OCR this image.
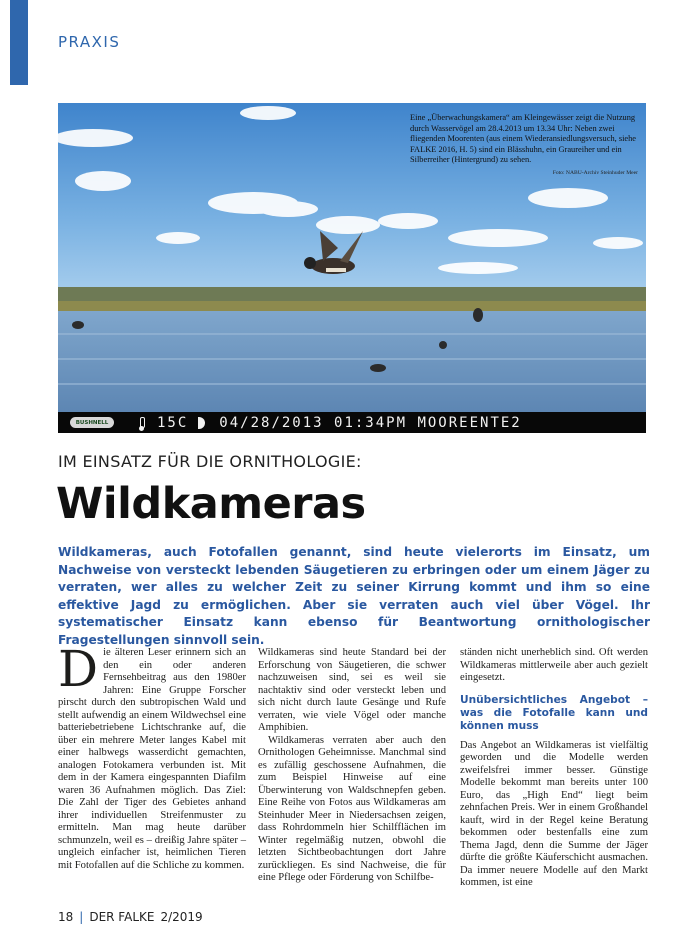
PRAXIS
Eine „Überwachungskamera“ am Kleingewässer zeigt die Nutzung durch Wasservögel am 28.4.2013 um 13.34 Uhr: Neben zwei fliegenden Moorenten (aus einem Wiederansiedlungsversuch, siehe FALKE 2016, H. 5) sind ein Blässhuhn, ein Graureiher und ein Silberreiher (Hintergrund) zu sehen.
Foto: NABU-Archiv Steinhuder Meer
BUSHNELL	15C 04/28/2013 01:34PM MOOREENTE2
IM EINSATZ FÜR DIE ORNITHOLOGIE:
Wildkameras
Wildkameras, auch Fotofallen genannt, sind heute vielerorts im Einsatz, um Nachweise von versteckt lebenden Säugetieren zu erbringen oder um einem Jäger zu verraten, wer alles zu welcher Zeit zu seiner Kirrung kommt und ihm so eine effektive Jagd zu ermöglichen. Aber sie verraten auch viel über Vögel. Ihr systematischer Einsatz kann ebenso für Beantwortung ornithologischer Fragestellungen sinnvoll sein.

Die älteren Leser erinnern sich an den ein oder anderen Fernsehbeitrag aus den 1980er Jahren: Eine Gruppe Forscher pirscht durch den subtropischen Wald und stellt aufwendig an einem Wildwechsel eine batteriebetriebene Lichtschranke auf, die über ein mehrere Meter langes Kabel mit einer halbwegs wasserdicht gemachten, analogen Fotokamera verbunden ist. Mit dem in der Kamera eingespannten Diafilm waren 36 Aufnahmen möglich. Das Ziel: Die Zahl der Tiger des Gebietes anhand ihrer individuellen Streifenmuster zu ermitteln. Man mag heute darüber schmunzeln, weil es – dreißig Jahre später – ungleich einfacher ist, heimlichen Tieren mit Fotofallen auf die Schliche zu kommen.

Wildkameras sind heute Standard bei der Erforschung von Säugetieren, die schwer nachzuweisen sind, sei es weil sie nachtaktiv sind oder versteckt leben und sich nicht durch laute Gesänge und Rufe verraten, wie viele Vögel oder manche Amphibien.

Wildkameras verraten aber auch den Ornithologen Geheimnisse. Manchmal sind es zufällig geschossene Aufnahmen, die zum Beispiel Hinweise auf eine Überwinterung von Waldschnepfen geben. Eine Reihe von Fotos aus Wildkameras am Steinhuder Meer in Niedersachsen zeigen, dass Rohrdommeln hier Schilfflächen im Winter regelmäßig nutzen, obwohl die letzten Sichtbeobachtungen dort Jahre zurückliegen. Es sind Nachweise, die für eine Pflege oder Förderung von Schilfbe-

ständen nicht unerheblich sind. Oft werden Wildkameras mittlerweile aber auch gezielt eingesetzt.

Unübersichtliches Angebot – was die Fotofalle kann und können muss

Das Angebot an Wildkameras ist vielfältig geworden und die Modelle werden zweifelsfrei immer besser. Günstige Modelle bekommt man bereits unter 100 Euro, das „High End“ liegt beim zehnfachen Preis. Wer in einem Großhandel kauft, wird in der Regel keine Beratung bekommen oder bestenfalls eine zum Thema Jagd, denn die Summe der Jäger dürfte die größte Käuferschicht ausmachen. Da immer neuere Modelle auf den Markt kommen, ist eine

18 | DER FALKE 2/2019
